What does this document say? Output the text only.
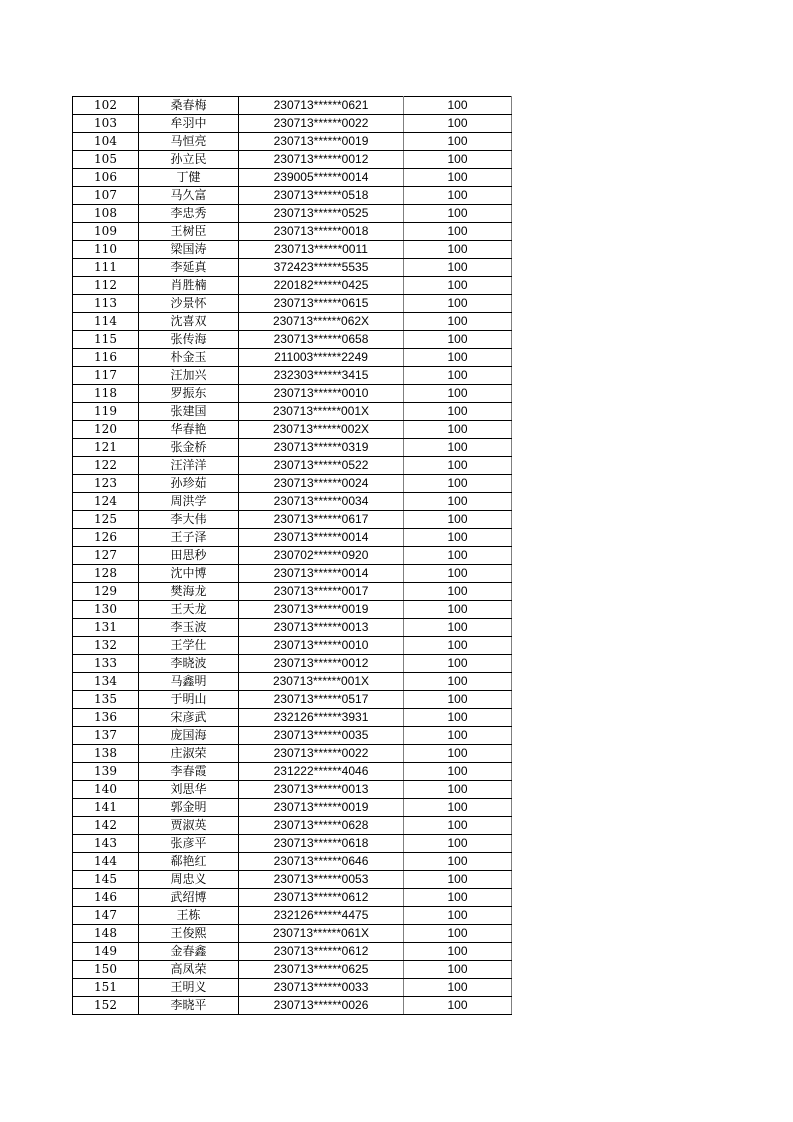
102	桑春梅	230713******0621	100
103	牟羽中	230713******0022	100
104	马恒亮	230713******0019	100
105	孙立民	230713******0012	100
106	丁健	239005******0014	100
107	马久富	230713******0518	100
108	李忠秀	230713******0525	100
109	王树臣	230713******0018	100
110	梁国涛	230713******0011	100
111	李延真	372423******5535	100
112	肖胜楠	220182******0425	100
113	沙景怀	230713******0615	100
114	沈喜双	230713******062X	100
115	张传海	230713******0658	100
116	朴金玉	211003******2249	100
117	汪加兴	232303******3415	100
118	罗振东	230713******0010	100
119	张建国	230713******001X	100
120	华春艳	230713******002X	100
121	张金桥	230713******0319	100
122	汪洋洋	230713******0522	100
123	孙珍茹	230713******0024	100
124	周洪学	230713******0034	100
125	李大伟	230713******0617	100
126	王子泽	230713******0014	100
127	田思秒	230702******0920	100
128	沈中博	230713******0014	100
129	樊海龙	230713******0017	100
130	王天龙	230713******0019	100
131	李玉波	230713******0013	100
132	王学仕	230713******0010	100
133	李晓波	230713******0012	100
134	马鑫明	230713******001X	100
135	于明山	230713******0517	100
136	宋彦武	232126******3931	100
137	庞国海	230713******0035	100
138	庄淑荣	230713******0022	100
139	李春霞	231222******4046	100
140	刘思华	230713******0013	100
141	郭金明	230713******0019	100
142	贾淑英	230713******0628	100
143	张彦平	230713******0618	100
144	郗艳红	230713******0646	100
145	周忠义	230713******0053	100
146	武绍博	230713******0612	100
147	王栋	232126******4475	100
148	王俊熙	230713******061X	100
149	金春鑫	230713******0612	100
150	高凤荣	230713******0625	100
151	王明义	230713******0033	100
152	李晓平	230713******0026	100
